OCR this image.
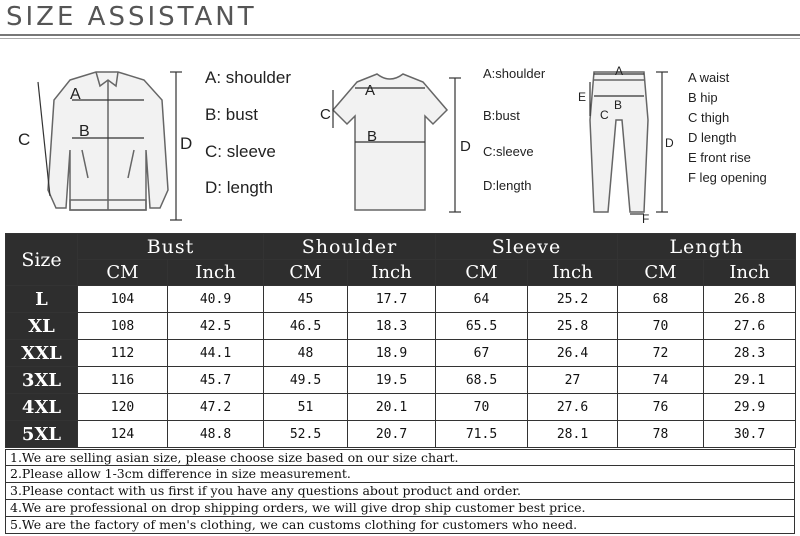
SIZE ASSISTANT
A
B
C	D
A: shoulder
B: bust
C: sleeve
D: length
A
B
C
D
A:shoulder
B:bust
C:sleeve
D:length
A
B
C
D
E
F
A waist
B hip
C thigh
D length
E front rise
F leg opening
Size	Bust		Shoulder		Sleeve		Length	
	CM	Inch	CM	Inch	CM	Inch	CM	Inch
L	104	40.9	45	17.7	64	25.2	68	26.8
XL	108	42.5	46.5	18.3	65.5	25.8	70	27.6
XXL	112	44.1	48	18.9	67	26.4	72	28.3
3XL	116	45.7	49.5	19.5	68.5	27	74	29.1
4XL	120	47.2	51	20.1	70	27.6	76	29.9
5XL	124	48.8	52.5	20.7	71.5	28.1	78	30.7
1.We are selling asian size, please choose size based on our size chart.
2.Please allow 1-3cm difference in size measurement.
3.Please contact with us first if you have any questions about product and order.
4.We are professional on drop shipping orders, we will give drop ship customer best price.
5.We are the factory of men's clothing, we can customs clothing for customers who need.
